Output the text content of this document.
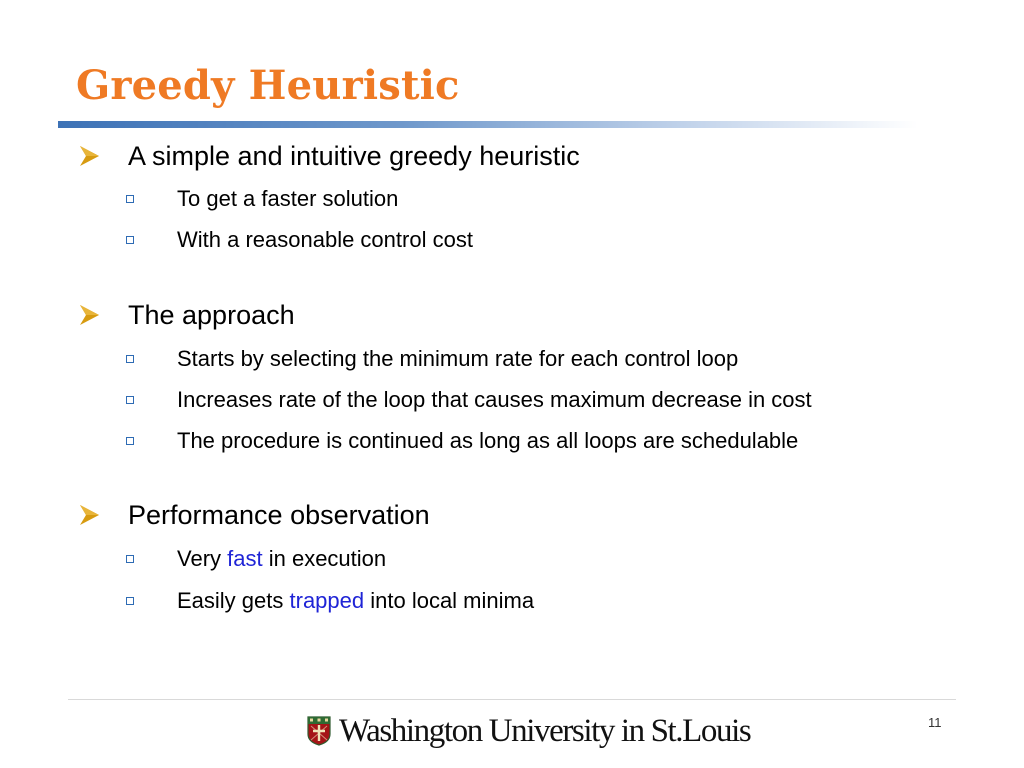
Greedy Heuristic
A simple and intuitive greedy heuristic
To get a faster solution
With a reasonable control cost
The approach
Starts by selecting the minimum rate for each control loop
Increases rate of the loop that causes maximum decrease in cost
The procedure is continued as long as all loops are schedulable
Performance observation
Very fast in execution
Easily gets trapped into local minima
Washington University in St.Louis	11
